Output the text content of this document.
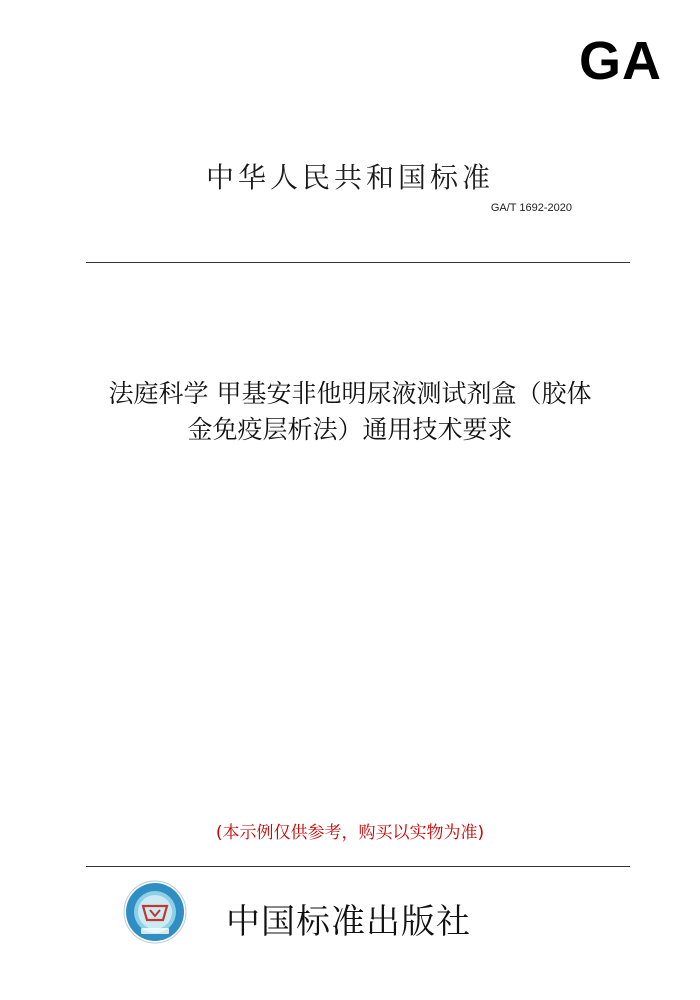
GA
中华人民共和国标准
GA/T 1692-2020
法庭科学 甲基安非他明尿液测试剂盒（胶体
金免疫层析法）通用技术要求
(本示例仅供参考，购买以实物为准)
中国标准出版社
